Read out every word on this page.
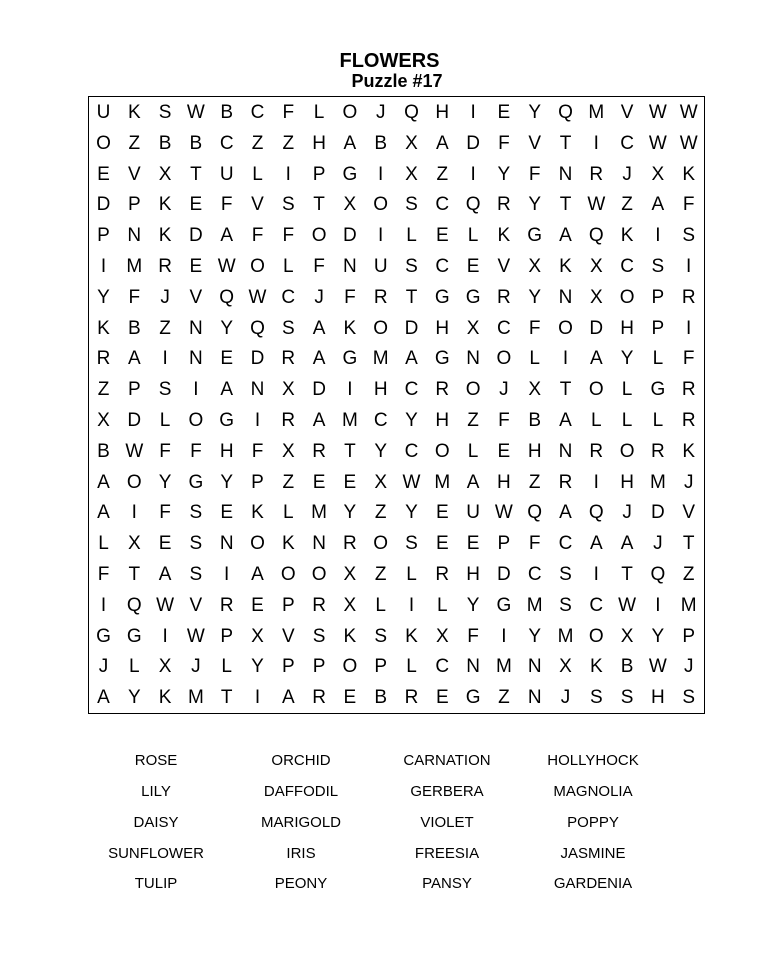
FLOWERS
Puzzle #17
U K S W B C F	L O J Q H	I	E Y Q M V W W
O Z B B C Z	Z H A B X A D F V T	I	C W W
E V X T U L	I	P G	I	X Z	I	Y F N R	J	X K
D P K E F V S T X O S C Q R Y T W Z A F
P N K D A F	F O D	I	L	E	L	K G A Q K	I	S
I	M R E W O L	F N U S C E V X K X C S	I
Y F	J	V Q W C	J	F R T G G R Y N X O P R
K B Z N Y Q S A K O D H X C F O D H P	I
R A	I	N E D R A G M A G N O L	I	A Y	L	F
Z P S	I	A N X D	I	H C R O J	X T O L G R
X D L O G	I	R A M C Y H Z	F B A	L	L	L R
B W F	F H F X R T Y C O L	E H N R O R K
A O Y G Y P Z E E X W M A H Z R	I	H M J
A	I	F S E K	L M Y Z Y E U W Q A Q J	D V
L	X E S N O K N R O S E E P F C A A	J	T
F	T A S	I	A O O X Z	L R H D C S	I	T Q Z
I	Q W V R E P R X	L	I	L	Y G M S C W	I	M
G G	I	W P X V S K S K X F	I	Y M O X Y P
J	L	X	J	L	Y P P O P	L C N M N X K B W J
A Y K M T	I	A R E B R E G Z N	J	S S H S
ROSE
LILY
DAISY
SUNFLOWER
TULIP
ORCHID
DAFFODIL
MARIGOLD
IRIS
PEONY
CARNATION
GERBERA
VIOLET
FREESIA
PANSY
HOLLYHOCK
MAGNOLIA
POPPY
JASMINE
GARDENIA
